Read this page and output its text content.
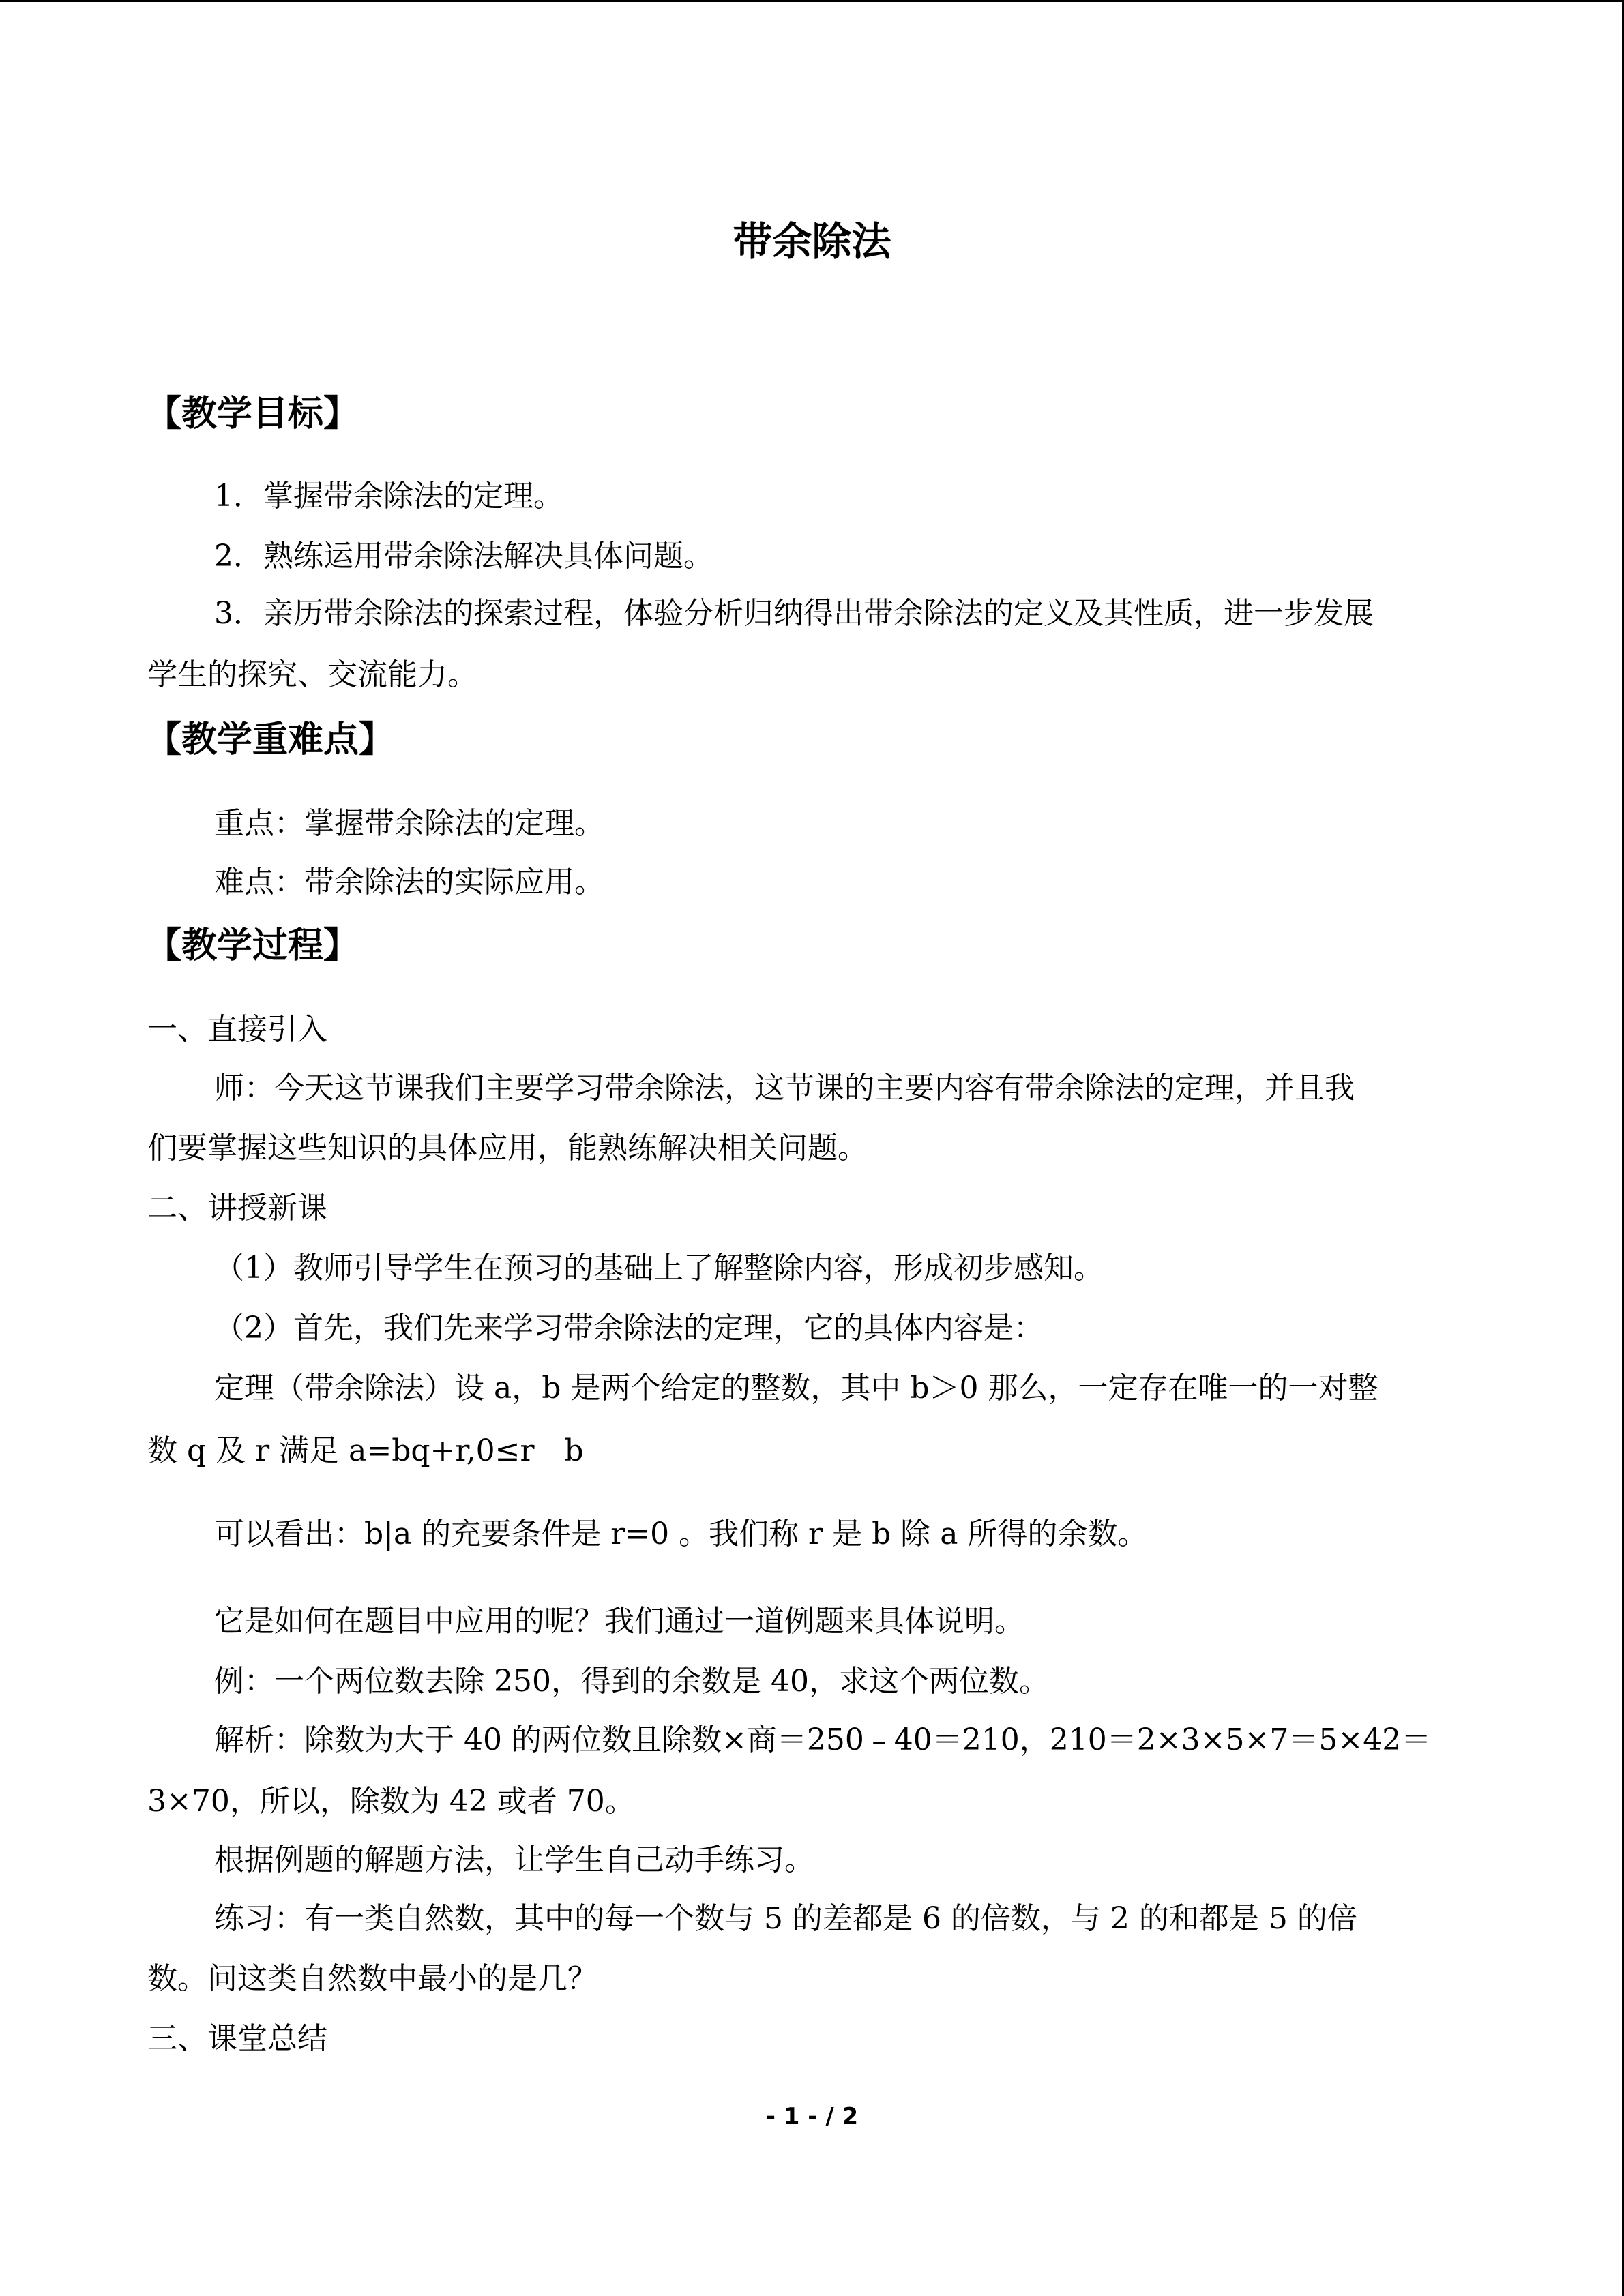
带余除法
【教学目标】
1．掌握带余除法的定理。
2．熟练运用带余除法解决具体问题。
3．亲历带余除法的探索过程，体验分析归纳得出带余除法的定义及其性质，进一步发展
学生的探究、交流能力。
【教学重难点】
重点：掌握带余除法的定理。
难点：带余除法的实际应用。
【教学过程】
一、直接引入
师：今天这节课我们主要学习带余除法，这节课的主要内容有带余除法的定理，并且我
们要掌握这些知识的具体应用，能熟练解决相关问题。
二、讲授新课
（1）教师引导学生在预习的基础上了解整除内容，形成初步感知。
（2）首先，我们先来学习带余除法的定理，它的具体内容是：
定理（带余除法）设 a，b 是两个给定的整数，其中 b＞0 那么，一定存在唯一的一对整
数 q 及 r 满足 a=bq+r,0≤r　b
可以看出：b|a 的充要条件是 r=0 。我们称 r 是 b 除 a 所得的余数。
它是如何在题目中应用的呢？我们通过一道例题来具体说明。
例：一个两位数去除 250，得到的余数是 40，求这个两位数。
解析：除数为大于 40 的两位数且除数×商＝250﹣40＝210，210＝2×3×5×7＝5×42＝
3×70，所以，除数为 42 或者 70。
根据例题的解题方法，让学生自己动手练习。
练习：有一类自然数，其中的每一个数与 5 的差都是 6 的倍数，与 2 的和都是 5 的倍
数。问这类自然数中最小的是几？
三、课堂总结
- 1 - / 2
